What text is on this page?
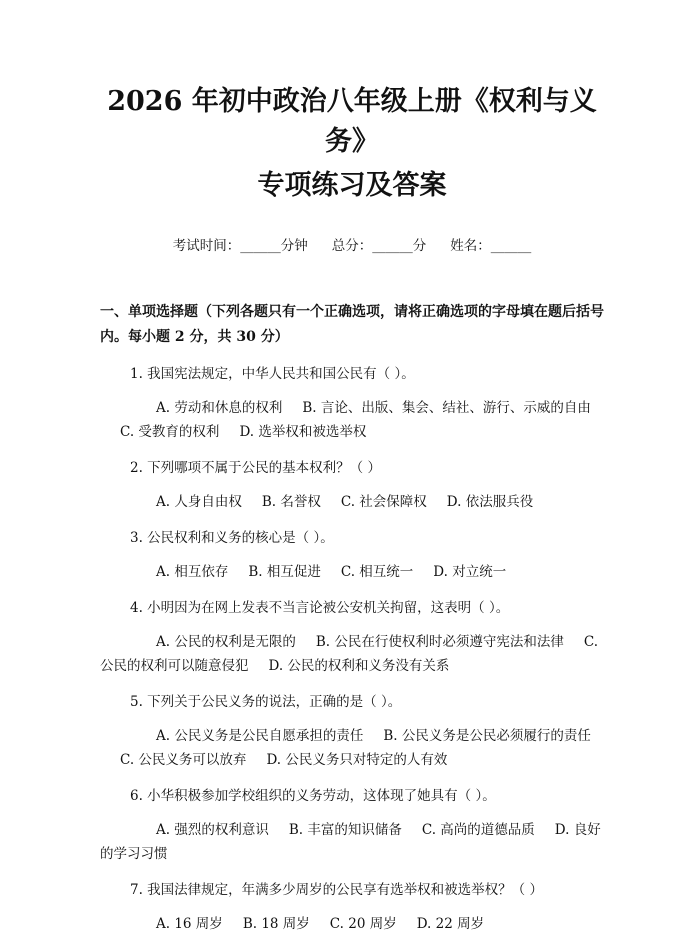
2026 年初中政治八年级上册《权利与义务》
专项练习及答案
考试时间：______分钟 总分：______分 姓名：______
一、单项选择题（下列各题只有一个正确选项，请将正确选项的字母填在题后括号内。每小题 2 分，共 30 分）
1. 我国宪法规定，中华人民共和国公民有（ ）。
A. 劳动和休息的权利 B. 言论、出版、集会、结社、游行、示威的自由C. 受教育的权利 D. 选举权和被选举权
2. 下列哪项不属于公民的基本权利？（ ）
A. 人身自由权 B. 名誉权 C. 社会保障权 D. 依法服兵役
3. 公民权利和义务的核心是（ ）。
A. 相互依存 B. 相互促进 C. 相互统一 D. 对立统一
4. 小明因为在网上发表不当言论被公安机关拘留，这表明（ ）。
A. 公民的权利是无限的 B. 公民在行使权利时必须遵守宪法和法律 C. 公民的权利可以随意侵犯 D. 公民的权利和义务没有关系
5. 下列关于公民义务的说法，正确的是（ ）。
A. 公民义务是公民自愿承担的责任 B. 公民义务是公民必须履行的责任C. 公民义务可以放弃 D. 公民义务只对特定的人有效
6. 小华积极参加学校组织的义务劳动，这体现了她具有（ ）。
A. 强烈的权利意识 B. 丰富的知识储备 C. 高尚的道德品质 D. 良好的学习习惯
7. 我国法律规定，年满多少周岁的公民享有选举权和被选举权？（ ）
A. 16 周岁 B. 18 周岁 C. 20 周岁 D. 22 周岁
